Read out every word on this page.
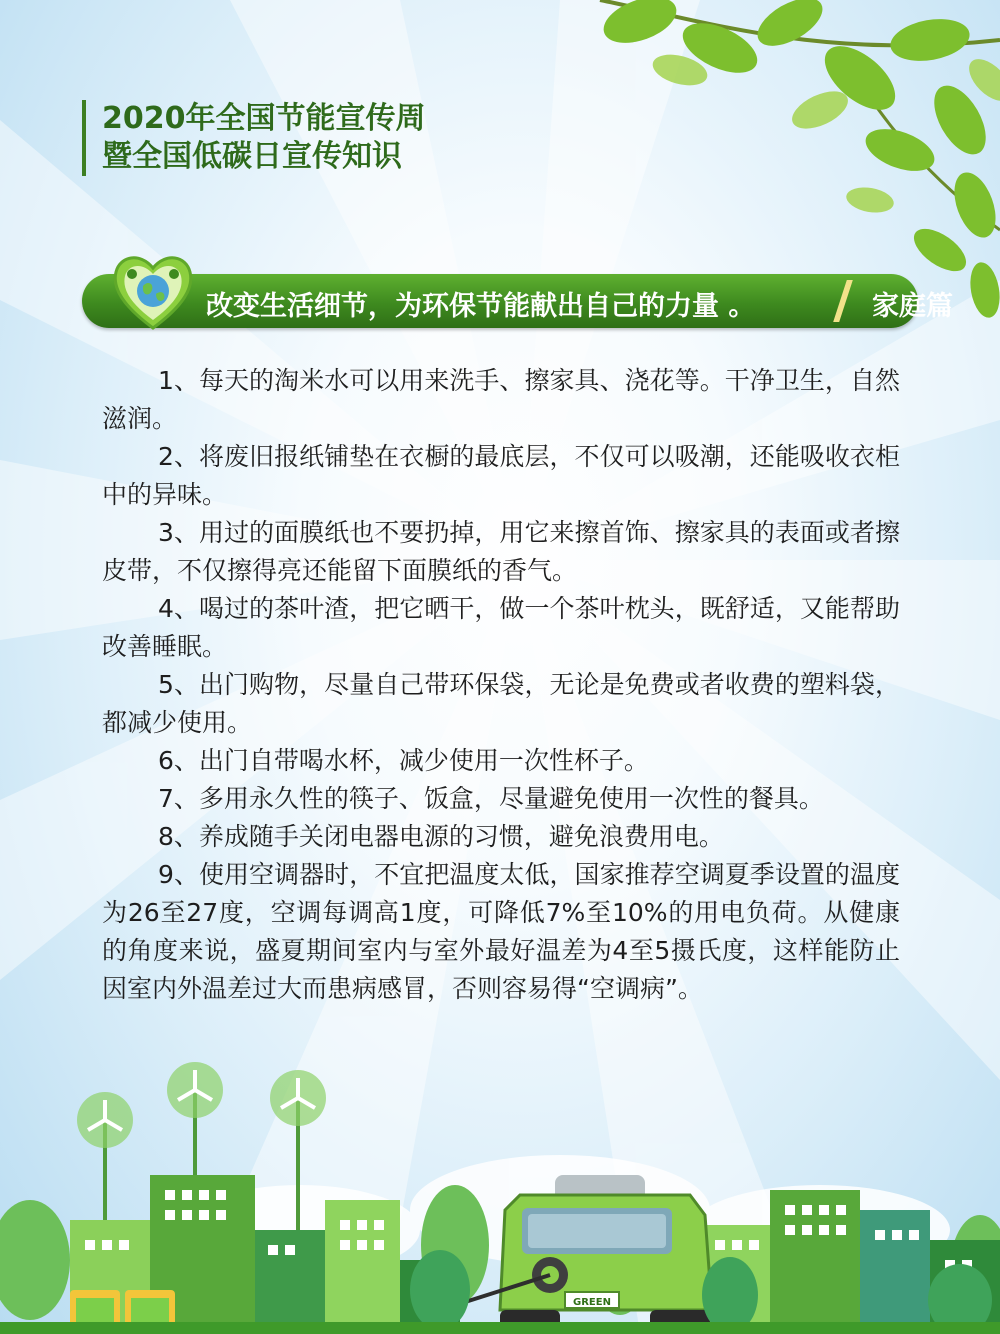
2020年全国节能宣传周
暨全国低碳日宣传知识
改变生活细节，为环保节能献出自己的力量 。	家庭篇

1、每天的淘米水可以用来洗手、擦家具、浇花等。干净卫生，自然滋润。

2、将废旧报纸铺垫在衣橱的最底层，不仅可以吸潮，还能吸收衣柜中的异味。

3、用过的面膜纸也不要扔掉，用它来擦首饰、擦家具的表面或者擦皮带，不仅擦得亮还能留下面膜纸的香气。

4、喝过的茶叶渣，把它晒干，做一个茶叶枕头，既舒适，又能帮助改善睡眠。

5、出门购物，尽量自己带环保袋，无论是免费或者收费的塑料袋，都减少使用。

6、出门自带喝水杯，减少使用一次性杯子。

7、多用永久性的筷子、饭盒，尽量避免使用一次性的餐具。

8、养成随手关闭电器电源的习惯，避免浪费用电。

9、使用空调器时，不宜把温度太低，国家推荐空调夏季设置的温度为26至27度，空调每调高1度，可降低7%至10%的用电负荷。从健康的角度来说，盛夏期间室内与室外最好温差为4至5摄氏度，这样能防止因室内外温差过大而患病感冒，否则容易得“空调病”。

GREEN
